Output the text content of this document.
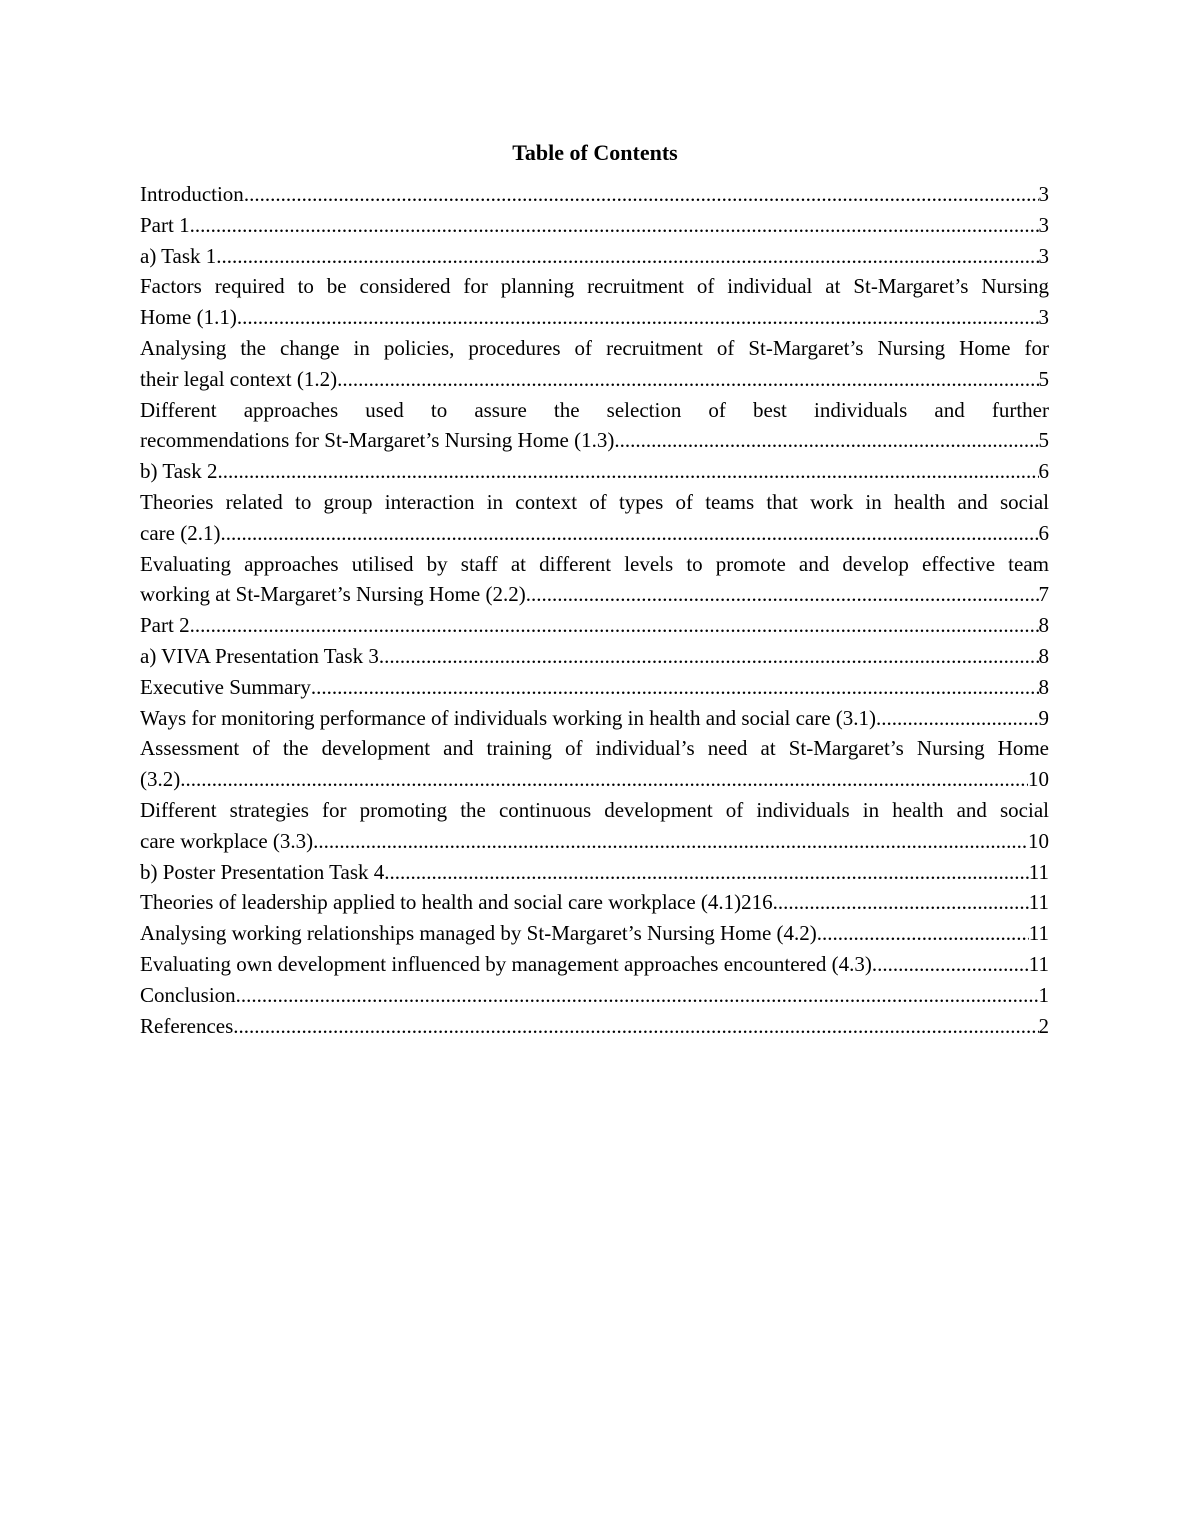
Table of Contents
Introduction .....	3
Part 1 .....	3
a) Task 1 .....	3
Factors required to be considered for planning recruitment of individual at St-Margaret’s Nursing
Home (1.1) .....	3
Analysing the change in policies, procedures of recruitment of St-Margaret’s Nursing Home for
their legal context (1.2) .....	5
Different approaches used to assure the selection of best individuals and further
recommendations for St-Margaret’s Nursing Home (1.3) .....	5
b) Task 2 .....	6
Theories related to group interaction in context of types of teams that work in health and social
care (2.1) .....	6
Evaluating approaches utilised by staff at different levels to promote and develop effective team
working at St-Margaret’s Nursing Home (2.2) .....	7
Part 2 .....	8
a) VIVA Presentation Task 3 .....	8
Executive Summary .....	8
Ways for monitoring performance of individuals working in health and social care (3.1) .....	9
Assessment of the development and training of individual’s need at St-Margaret’s Nursing Home
(3.2) .....	10
Different strategies for promoting the continuous development of individuals in health and social
care workplace (3.3) .....	10
b) Poster Presentation Task 4 .....	11
Theories of leadership applied to health and social care workplace (4.1)216 .....	11
Analysing working relationships managed by St-Margaret’s Nursing Home (4.2) .....	11
Evaluating own development influenced by management approaches encountered (4.3) .....	11
Conclusion .....	1
References .....	2
